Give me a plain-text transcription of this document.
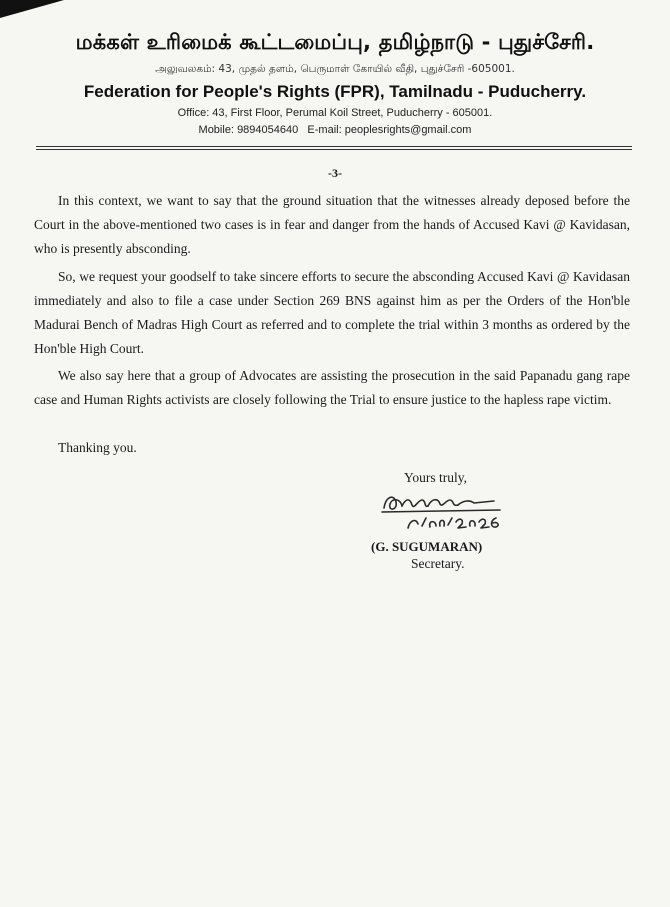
மக்கள் உரிமைக் கூட்டமைப்பு, தமிழ்நாடு - புதுச்சேரி.
அலுவலகம்: 43, முதல் தளம், பெருமாள் கோயில் வீதி, புதுச்சேரி -605001.
Federation for People's Rights (FPR), Tamilnadu - Puducherry.
Office: 43, First Floor, Perumal Koil Street, Puducherry - 605001.
Mobile: 9894054640 E-mail: peoplesrights@gmail.com
-3-

In this context, we want to say that the ground situation that the witnesses already deposed before the Court in the above-mentioned two cases is in fear and danger from the hands of Accused Kavi @ Kavidasan, who is presently absconding.

So, we request your goodself to take sincere efforts to secure the absconding Accused Kavi @ Kavidasan immediately and also to file a case under Section 269 BNS against him as per the Orders of the Hon'ble Madurai Bench of Madras High Court as referred and to complete the trial within 3 months as ordered by the Hon'ble High Court.

We also say here that a group of Advocates are assisting the prosecution in the said Papanadu gang rape case and Human Rights activists are closely following the Trial to ensure justice to the hapless rape victim.

Thanking you.
Yours truly,
(G. SUGUMARAN)
Secretary.
